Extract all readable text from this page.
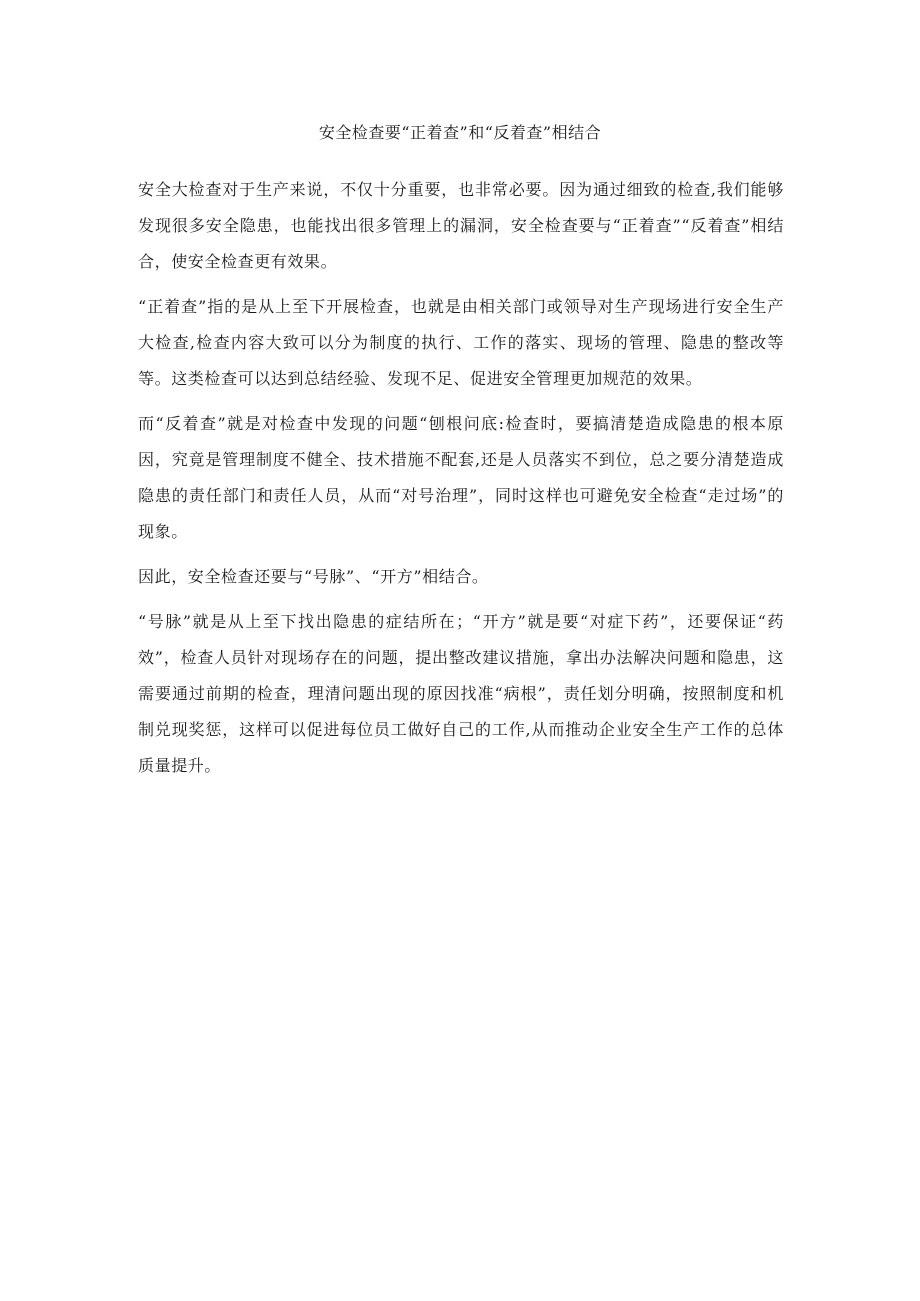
安全检查要“正着查”和“反着查”相结合

安全大检查对于生产来说，不仅十分重要，也非常必要。因为通过细致的检查,我们能够发现很多安全隐患，也能找出很多管理上的漏洞，安全检查要与“正着查”“反着查”相结合，使安全检查更有效果。

“正着查”指的是从上至下开展检查，也就是由相关部门或领导对生产现场进行安全生产大检查,检查内容大致可以分为制度的执行、工作的落实、现场的管理、隐患的整改等等。这类检查可以达到总结经验、发现不足、促进安全管理更加规范的效果。

而“反着查”就是对检查中发现的问题“刨根问底:检查时，要搞清楚造成隐患的根本原因，究竟是管理制度不健全、技术措施不配套,还是人员落实不到位，总之要分清楚造成隐患的责任部门和责任人员，从而“对号治理”，同时这样也可避免安全检查“走过场”的现象。

因此，安全检查还要与“号脉”、“开方”相结合。

“号脉”就是从上至下找出隐患的症结所在；“开方”就是要“对症下药”，还要保证“药效”，检查人员针对现场存在的问题，提出整改建议措施，拿出办法解决问题和隐患，这需要通过前期的检查，理清问题出现的原因找准“病根”，责任划分明确，按照制度和机制兑现奖惩，这样可以促进每位员工做好自己的工作,从而推动企业安全生产工作的总体质量提升。
